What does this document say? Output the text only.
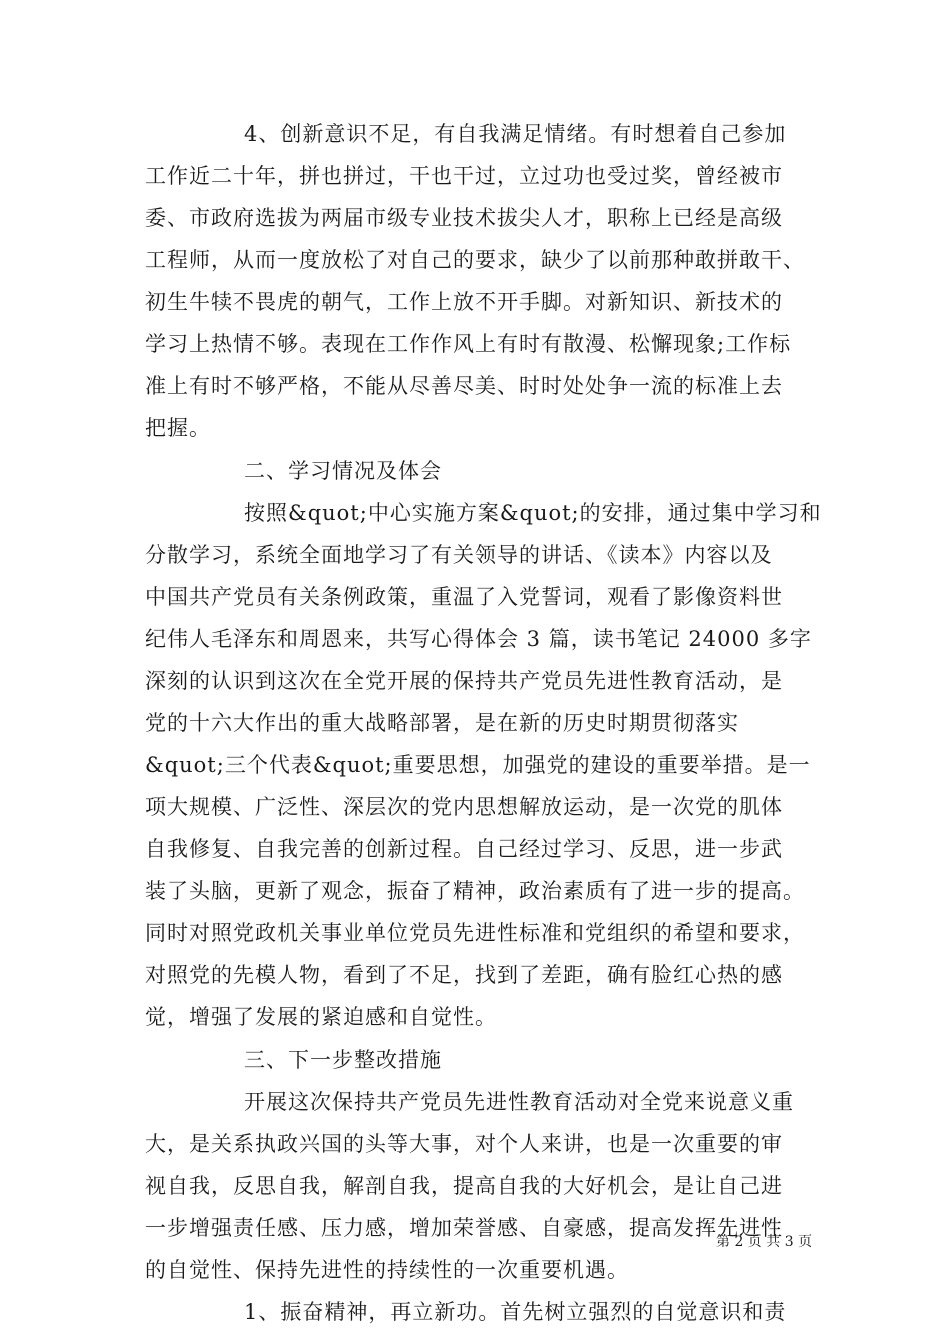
4、创新意识不足，有自我满足情绪。有时想着自己参加
工作近二十年，拼也拼过，干也干过，立过功也受过奖，曾经被市
委、市政府选拔为两届市级专业技术拔尖人才，职称上已经是高级
工程师，从而一度放松了对自己的要求，缺少了以前那种敢拼敢干、
初生牛犊不畏虎的朝气，工作上放不开手脚。对新知识、新技术的
学习上热情不够。表现在工作作风上有时有散漫、松懈现象;工作标
准上有时不够严格，不能从尽善尽美、时时处处争一流的标准上去
把握。
二、学习情况及体会
按照&quot;中心实施方案&quot;的安排，通过集中学习和
分散学习，系统全面地学习了有关领导的讲话、《读本》内容以及
中国共产党员有关条例政策，重温了入党誓词，观看了影像资料世
纪伟人毛泽东和周恩来，共写心得体会 3 篇，读书笔记 24000 多字
深刻的认识到这次在全党开展的保持共产党员先进性教育活动，是
党的十六大作出的重大战略部署，是在新的历史时期贯彻落实
&quot;三个代表&quot;重要思想，加强党的建设的重要举措。是一
项大规模、广泛性、深层次的党内思想解放运动，是一次党的肌体
自我修复、自我完善的创新过程。自己经过学习、反思，进一步武
装了头脑，更新了观念，振奋了精神，政治素质有了进一步的提高。
同时对照党政机关事业单位党员先进性标准和党组织的希望和要求，
对照党的先模人物，看到了不足，找到了差距，确有脸红心热的感
觉，增强了发展的紧迫感和自觉性。
三、下一步整改措施
开展这次保持共产党员先进性教育活动对全党来说意义重
大，是关系执政兴国的头等大事，对个人来讲，也是一次重要的审
视自我，反思自我，解剖自我，提高自我的大好机会，是让自己进
一步增强责任感、压力感，增加荣誉感、自豪感，提高发挥先进性
的自觉性、保持先进性的持续性的一次重要机遇。
1、振奋精神，再立新功。首先树立强烈的自觉意识和责
第 2 页 共 3 页
